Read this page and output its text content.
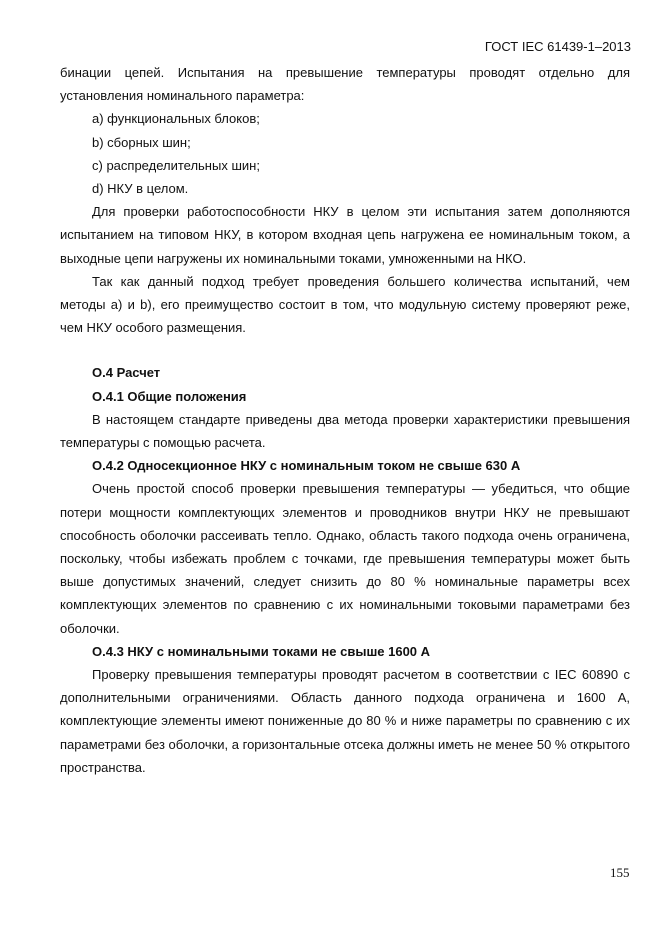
ГОСТ IEC 61439-1–2013

бинации цепей. Испытания на превышение температуры проводят отдельно для установления номинального параметра:

а) функциональных блоков;

b) сборных шин;

c) распределительных шин;

d) НКУ в целом.

Для проверки работоспособности НКУ в целом эти испытания затем дополняются испытанием на типовом НКУ, в котором входная цепь нагружена ее номинальным током, а выходные цепи нагружены их номинальными токами, умноженными на НКО.

Так как данный подход требует проведения большего количества испытаний, чем методы а) и b), его преимущество состоит в том, что модульную систему проверяют реже, чем НКУ особого размещения.

О.4 Расчет

О.4.1 Общие положения

В настоящем стандарте приведены два метода проверки характеристики превышения температуры с помощью расчета.

О.4.2 Односекционное НКУ с номинальным током не свыше 630 А

Очень простой способ проверки превышения температуры — убедиться, что общие потери мощности комплектующих элементов и проводников внутри НКУ не превышают способность оболочки рассеивать тепло. Однако, область такого подхода очень ограничена, поскольку, чтобы избежать проблем с точками, где превышения температуры может быть выше допустимых значений, следует снизить до 80 % номинальные параметры всех комплектующих элементов по сравнению с их номинальными токовыми параметрами без оболочки.

О.4.3 НКУ с номинальными токами не свыше 1600 А

Проверку превышения температуры проводят расчетом в соответствии с IEC 60890 с дополнительными ограничениями. Область данного подхода ограничена и 1600 А, комплектующие элементы имеют пониженные до 80 % и ниже параметры по сравнению с их параметрами без оболочки, а горизонтальные отсека должны иметь не менее 50 % открытого пространства.

155
